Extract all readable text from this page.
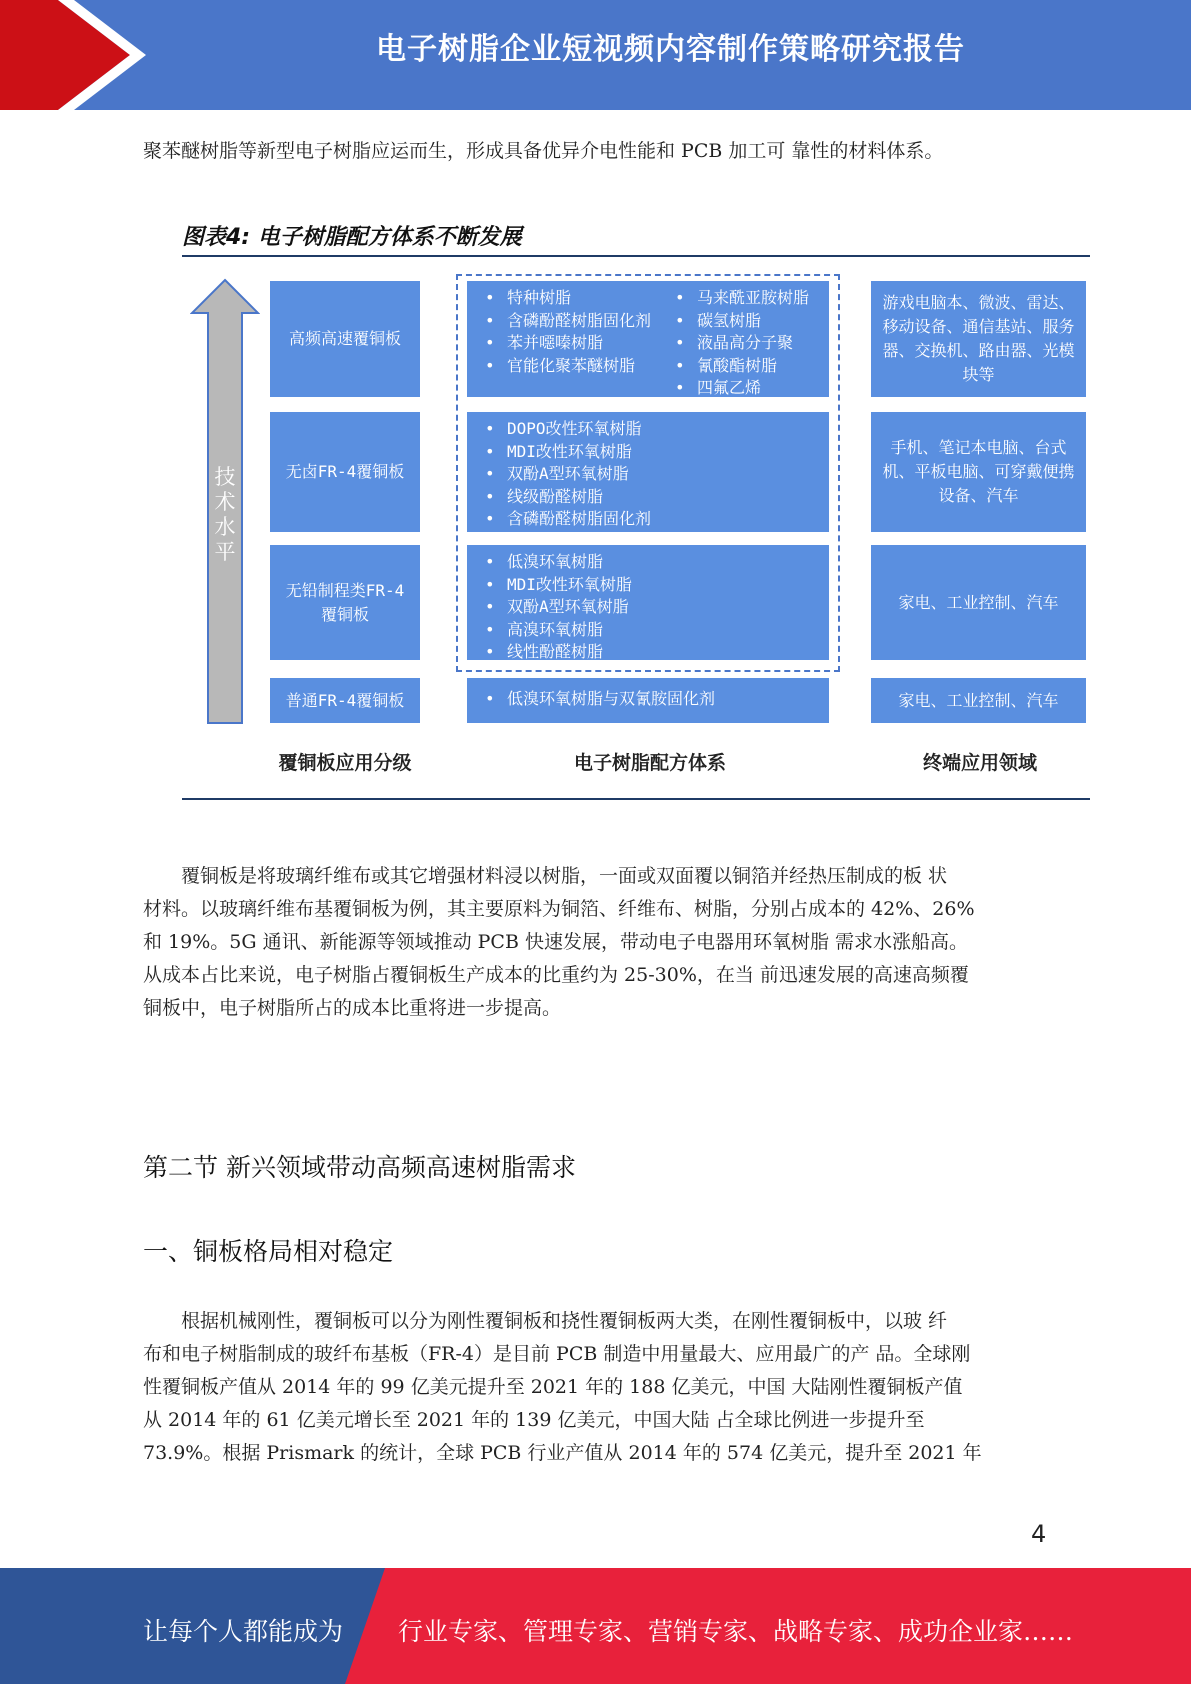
电子树脂企业短视频内容制作策略研究报告

聚苯醚树脂等新型电子树脂应运而生，形成具备优异介电性能和 PCB 加工可 靠性的材料体系。

图表4: 电子树脂配方体系不断发展
技术水平
高频高速覆铜板
• 特种树脂
• 含磷酚醛树脂固化剂
• 苯并噁嗪树脂
• 官能化聚苯醚树脂
• 马来酰亚胺树脂
• 碳氢树脂
• 液晶高分子聚
• 氰酸酯树脂
• 四氟乙烯
游戏电脑本、微波、雷达、移动设备、通信基站、服务器、交换机、路由器、光模块等
无卤FR-4覆铜板
• DOPO改性环氧树脂
• MDI改性环氧树脂
• 双酚A型环氧树脂
• 线级酚醛树脂
• 含磷酚醛树脂固化剂
手机、笔记本电脑、台式机、平板电脑、可穿戴便携设备、汽车
无铅制程类FR-4覆铜板
• 低溴环氧树脂
• MDI改性环氧树脂
• 双酚A型环氧树脂
• 高溴环氧树脂
• 线性酚醛树脂
家电、工业控制、汽车
普通FR-4覆铜板
•	低溴环氧树脂与双氰胺固化剂	家电、工业控制、汽车
覆铜板应用分级	电子树脂配方体系	终端应用领域

　　覆铜板是将玻璃纤维布或其它增强材料浸以树脂，一面或双面覆以铜箔并经热压制成的板 状
材料。以玻璃纤维布基覆铜板为例，其主要原料为铜箔、纤维布、树脂，分别占成本的 42%、26%
和 19%。5G 通讯、新能源等领域推动 PCB 快速发展，带动电子电器用环氧树脂 需求水涨船高。
从成本占比来说，电子树脂占覆铜板生产成本的比重约为 25-30%，在当 前迅速发展的高速高频覆
铜板中，电子树脂所占的成本比重将进一步提高。

第二节 新兴领域带动高频高速树脂需求
一、铜板格局相对稳定

　　根据机械刚性，覆铜板可以分为刚性覆铜板和挠性覆铜板两大类，在刚性覆铜板中，以玻 纤
布和电子树脂制成的玻纤布基板（FR-4）是目前 PCB 制造中用量最大、应用最广的产 品。全球刚
性覆铜板产值从 2014 年的 99 亿美元提升至 2021 年的 188 亿美元，中国 大陆刚性覆铜板产值
从 2014 年的 61 亿美元增长至 2021 年的 139 亿美元，中国大陆 占全球比例进一步提升至
73.9%。根据 Prismark 的统计，全球 PCB 行业产值从 2014 年的 574 亿美元，提升至 2021 年

4
让每个人都能成为 行业专家、管理专家、营销专家、战略专家、成功企业家……
